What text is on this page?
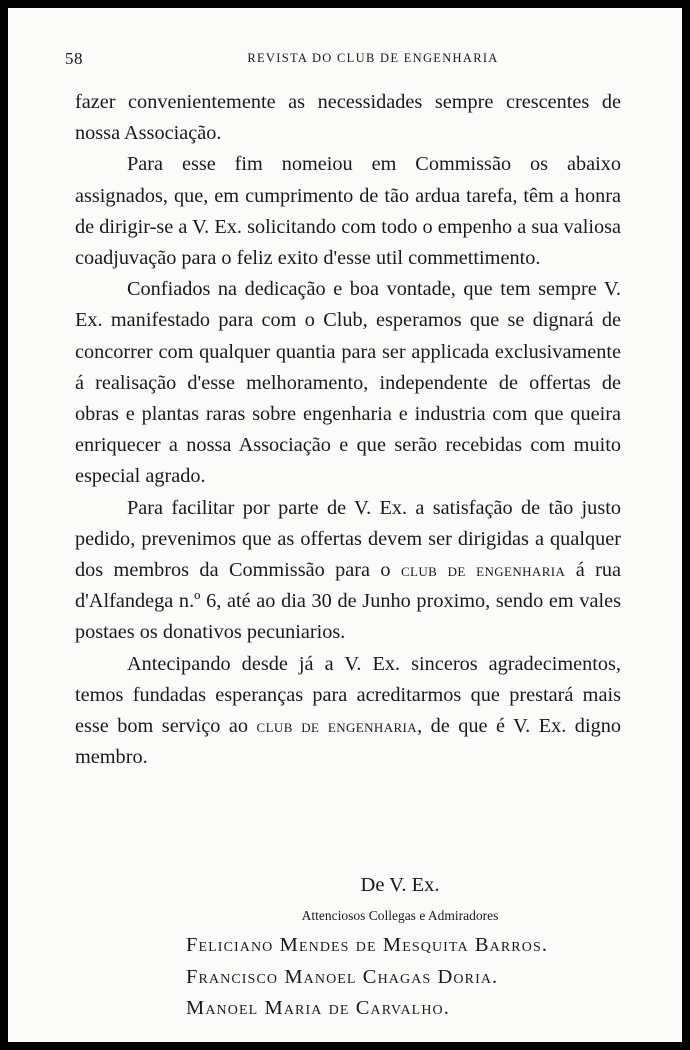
58	REVISTA DO CLUB DE ENGENHARIA

fazer convenientemente as necessidades sempre crescentes de nossa Associação.

Para esse fim nomeiou em Commissão os abaixo assignados, que, em cumprimento de tão ardua tarefa, têm a honra de dirigir-se a V. Ex. solicitando com todo o empenho a sua valiosa coadjuvação para o feliz exito d'esse util commettimento.

Confiados na dedicação e boa vontade, que tem sempre V. Ex. manifestado para com o Club, esperamos que se dignará de concorrer com qualquer quantia para ser applicada exclusivamente á realisação d'esse melhoramento, independente de offertas de obras e plantas raras sobre engenharia e industria com que queira enriquecer a nossa Associação e que serão recebidas com muito especial agrado.

Para facilitar por parte de V. Ex. a satisfação de tão justo pedido, prevenimos que as offertas devem ser dirigidas a qualquer dos membros da Commissão para o club de engenharia á rua d'Alfandega n.º 6, até ao dia 30 de Junho proximo, sendo em vales postaes os donativos pecuniarios.

Antecipando desde já a V. Ex. sinceros agradecimentos, temos fundadas esperanças para acreditarmos que prestará mais esse bom serviço ao club de engenharia, de que é V. Ex. digno membro.

De V. Ex.
Attenciosos Collegas e Admiradores
Feliciano Mendes de Mesquita Barros.
Francisco Manoel Chagas Doria.
Manoel Maria de Carvalho.
